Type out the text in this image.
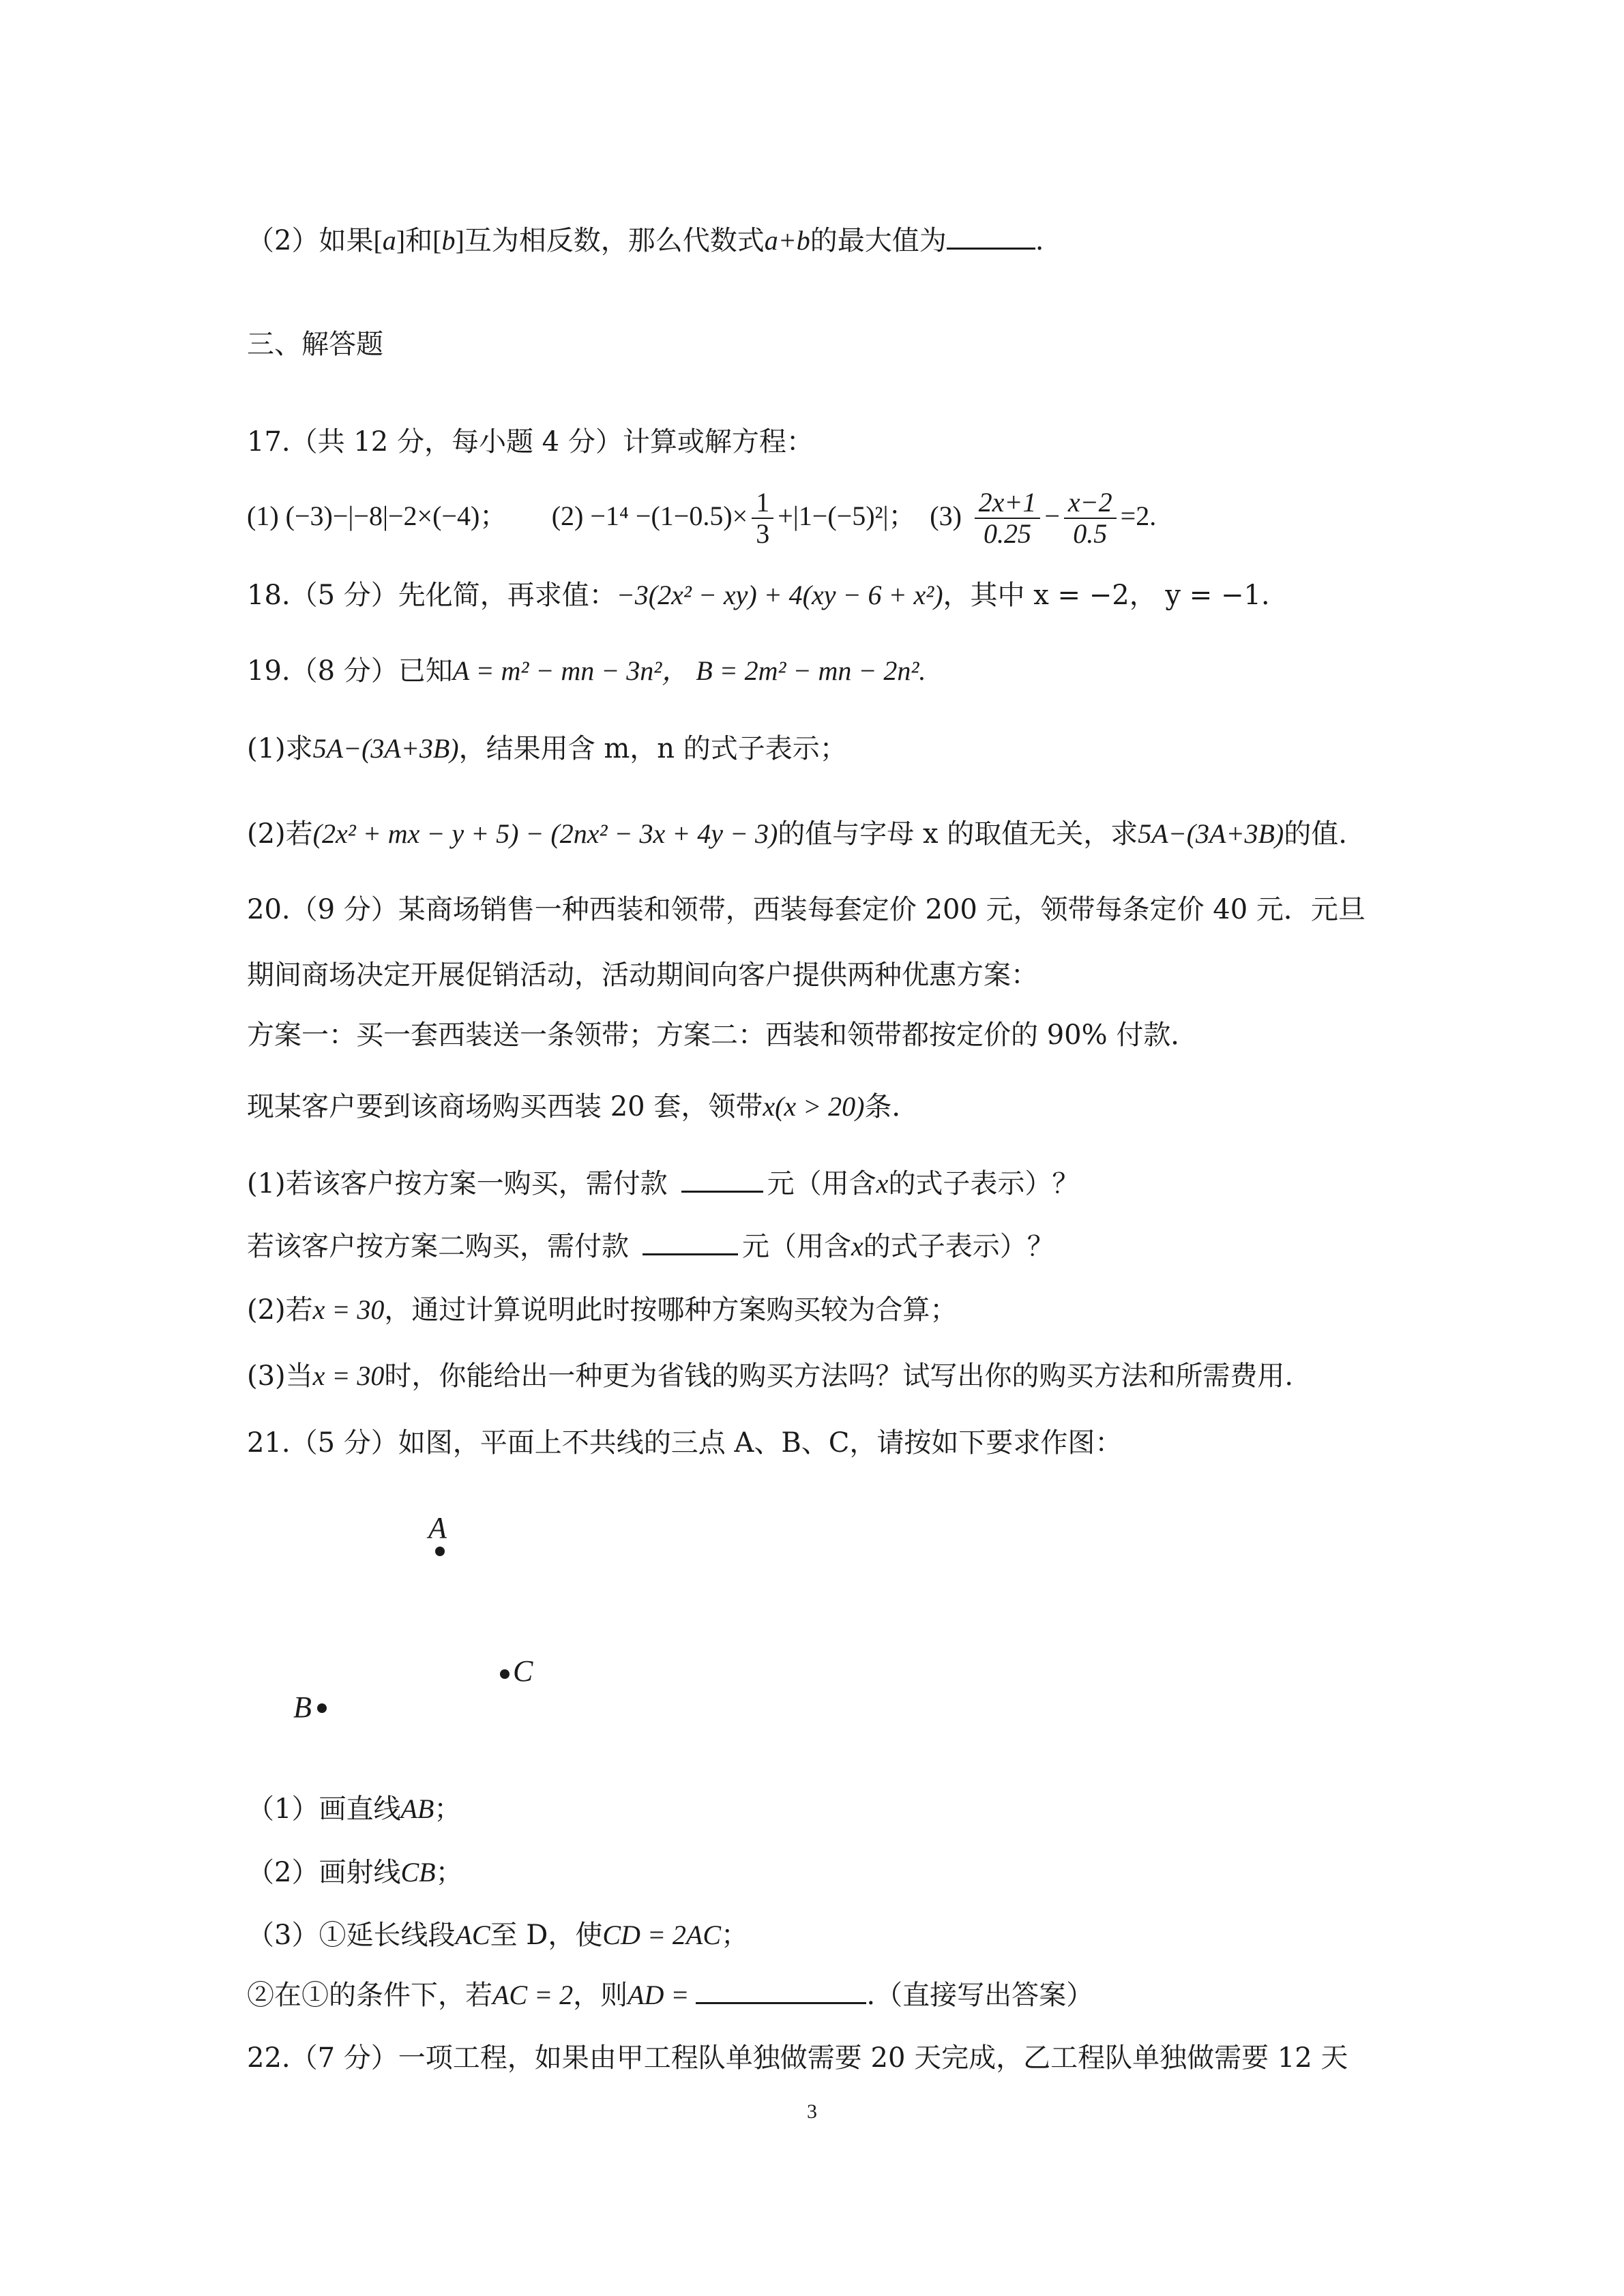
（2）如果[a]和[b]互为相反数，那么代数式a+b的最大值为	.
三、解答题
17.（共 12 分，每小题 4 分）计算或解方程：
(1) (−3)−|−8|−2×(−4)； $(2) -1^4 -(1-0.5)\times \frac{1}{3} +|1-(-5)^2|$； $(3) \frac{2x+1}{0.25} - \frac{x-2}{0.5} =2$.
18.（5 分）先化简，再求值：−3(2x² − xy) + 4(xy − 6 + x²)，其中 x = −2， y = −1.
19.（8 分）已知A = m² − mn − 3n²， B = 2m² − mn − 2n².
(1)求5A−(3A+3B)，结果用含 m，n 的式子表示；
(2)若(2x² + mx − y + 5) − (2nx² − 3x + 4y − 3)的值与字母 x 的取值无关，求5A−(3A+3B)的值.
20.（9 分）某商场销售一种西装和领带，西装每套定价 200 元，领带每条定价 40 元．元旦
期间商场决定开展促销活动，活动期间向客户提供两种优惠方案：
方案一：买一套西装送一条领带；方案二：西装和领带都按定价的 90% 付款．
现某客户要到该商场购买西装 20 套，领带x(x > 20)条．
(1)若该客户按方案一购买，需付款	元（用含x的式子表示）？
若该客户按方案二购买，需付款	元（用含x的式子表示）？
(2)若x = 30，通过计算说明此时按哪种方案购买较为合算；
(3)当x = 30时，你能给出一种更为省钱的购买方法吗？试写出你的购买方法和所需费用.
21.（5 分）如图，平面上不共线的三点 A、B、C，请按如下要求作图：
A
C
B
（1）画直线AB；
（2）画射线CB；
（3）①延长线段AC至 D，使CD = 2AC；
②在①的条件下，若AC = 2，则AD =	.（直接写出答案）
22.（7 分）一项工程，如果由甲工程队单独做需要 20 天完成，乙工程队单独做需要 12 天
3
